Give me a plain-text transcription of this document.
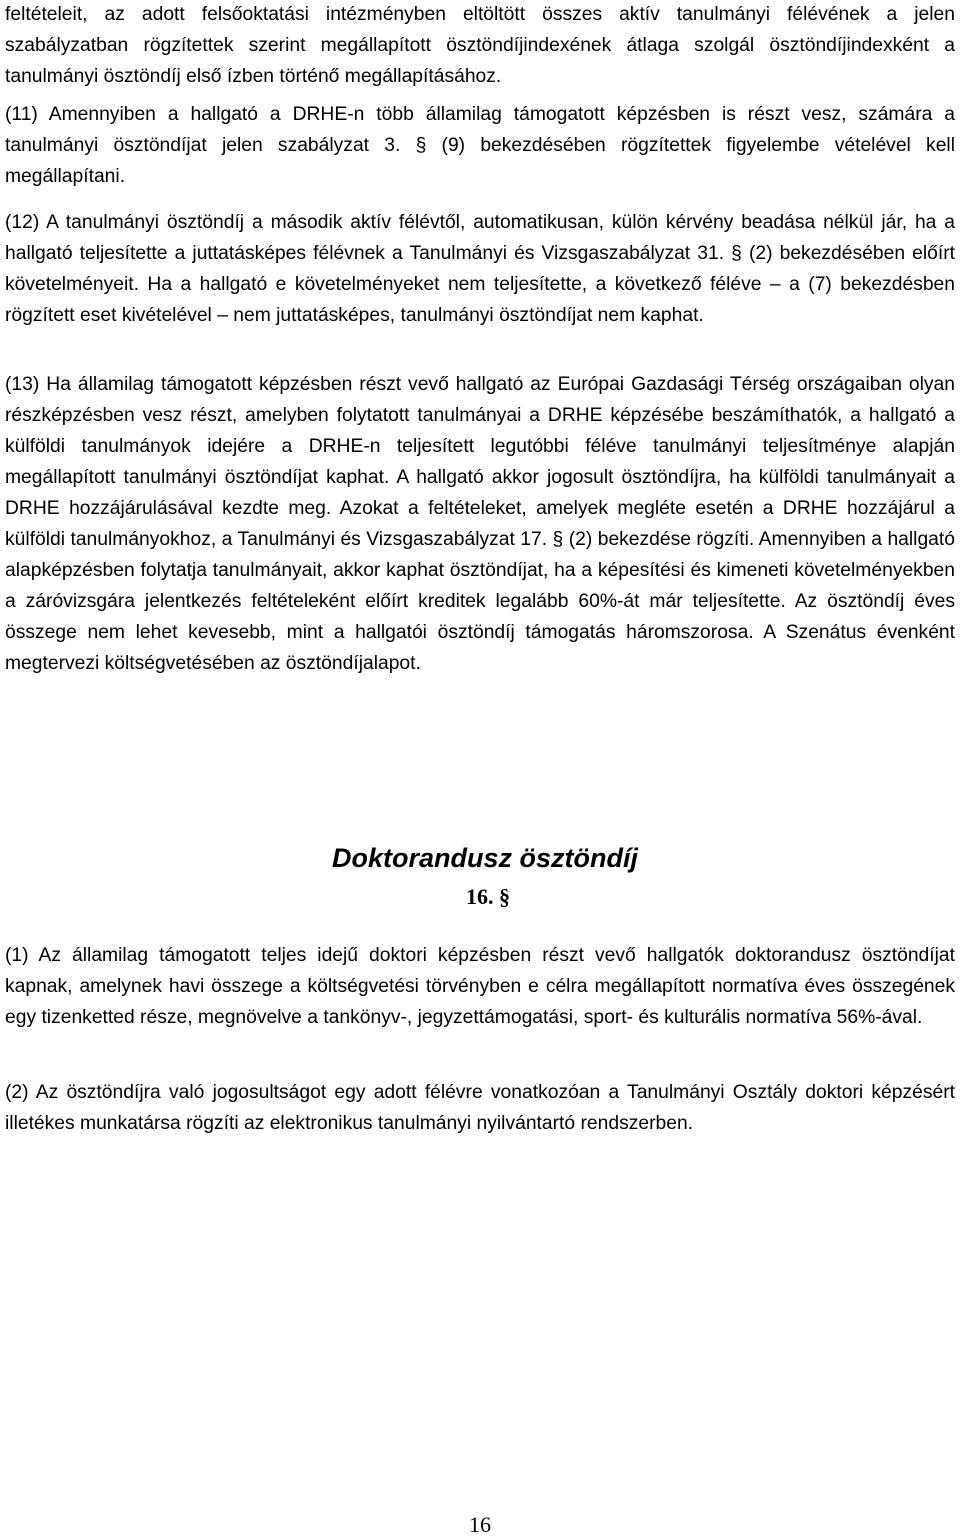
feltételeit, az adott felsőoktatási intézményben eltöltött összes aktív tanulmányi félévének a jelen szabályzatban rögzítettek szerint megállapított ösztöndíjindexének átlaga szolgál ösztöndíjindexként a tanulmányi ösztöndíj első ízben történő megállapításához.

(11) Amennyiben a hallgató a DRHE-n több államilag támogatott képzésben is részt vesz, számára a tanulmányi ösztöndíjat jelen szabályzat 3. § (9) bekezdésében rögzítettek figyelembe vételével kell megállapítani.

(12) A tanulmányi ösztöndíj a második aktív félévtől, automatikusan, külön kérvény beadása nélkül jár, ha a hallgató teljesítette a juttatásképes félévnek a Tanulmányi és Vizsgaszabályzat 31. § (2) bekezdésében előírt követelményeit. Ha a hallgató e követelményeket nem teljesítette, a következő féléve – a (7) bekezdésben rögzített eset kivételével – nem juttatásképes, tanulmányi ösztöndíjat nem kaphat.

(13) Ha államilag támogatott képzésben részt vevő hallgató az Európai Gazdasági Térség országaiban olyan részképzésben vesz részt, amelyben folytatott tanulmányai a DRHE képzésébe beszámíthatók, a hallgató a külföldi tanulmányok idejére a DRHE-n teljesített legutóbbi féléve tanulmányi teljesítménye alapján megállapított tanulmányi ösztöndíjat kaphat. A hallgató akkor jogosult ösztöndíjra, ha külföldi tanulmányait a DRHE hozzájárulásával kezdte meg. Azokat a feltételeket, amelyek megléte esetén a DRHE hozzájárul a külföldi tanulmányokhoz, a Tanulmányi és Vizsgaszabályzat 17. § (2) bekezdése rögzíti. Amennyiben a hallgató alapképzésben folytatja tanulmányait, akkor kaphat ösztöndíjat, ha a képesítési és kimeneti követelményekben a záróvizsgára jelentkezés feltételeként előírt kreditek legalább 60%-át már teljesítette. Az ösztöndíj éves összege nem lehet kevesebb, mint a hallgatói ösztöndíj támogatás háromszorosa. A Szenátus évenként megtervezi költségvetésében az ösztöndíjalapot.

Doktorandusz ösztöndíj

16. §

(1) Az államilag támogatott teljes idejű doktori képzésben részt vevő hallgatók doktorandusz ösztöndíjat kapnak, amelynek havi összege a költségvetési törvényben e célra megállapított normatíva éves összegének egy tizenketted része, megnövelve a tankönyv-, jegyzettámogatási, sport- és kulturális normatíva 56%-ával.

(2) Az ösztöndíjra való jogosultságot egy adott félévre vonatkozóan a Tanulmányi Osztály doktori képzésért illetékes munkatársa rögzíti az elektronikus tanulmányi nyilvántartó rendszerben.

16
